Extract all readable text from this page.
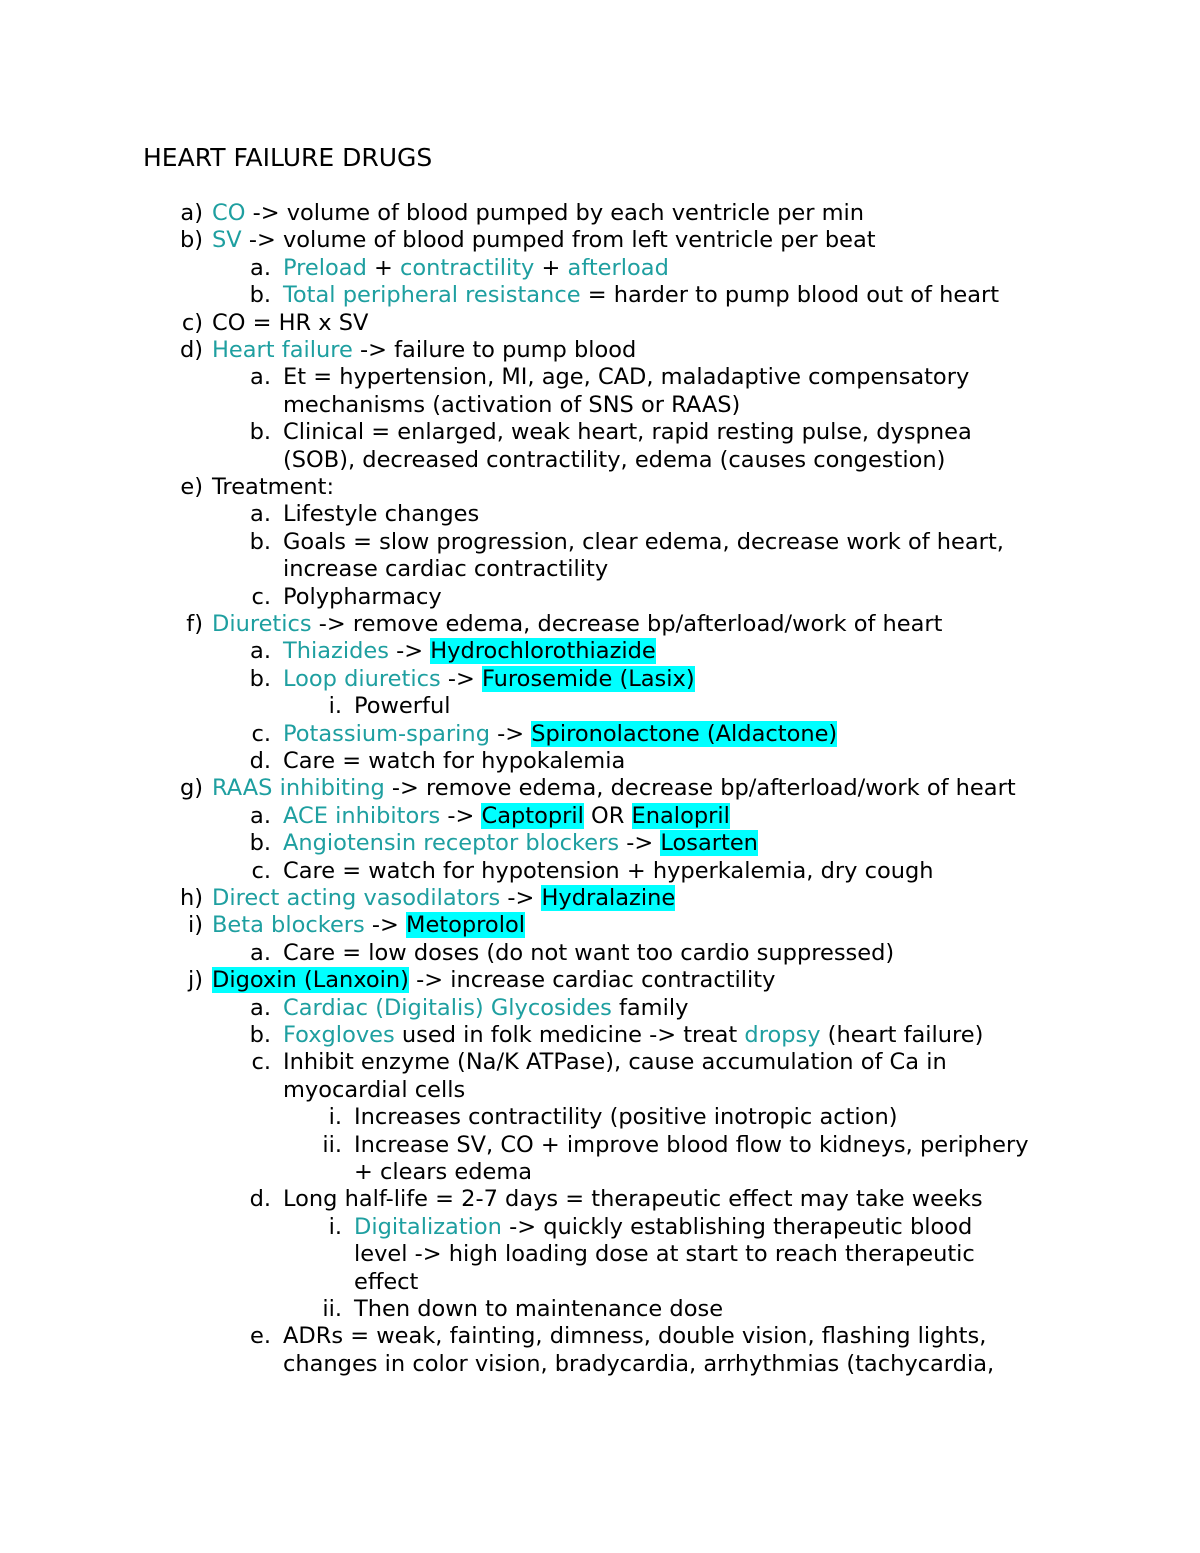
HEART FAILURE DRUGS
a) CO -> volume of blood pumped by each ventricle per min
b) SV -> volume of blood pumped from left ventricle per beat
a. Preload + contractility + afterload
b. Total peripheral resistance = harder to pump blood out of heart
c) CO = HR x SV
d) Heart failure -> failure to pump blood
a. Et = hypertension, MI, age, CAD, maladaptive compensatory
mechanisms (activation of SNS or RAAS)
b. Clinical = enlarged, weak heart, rapid resting pulse, dyspnea
(SOB), decreased contractility, edema (causes congestion)
e) Treatment:
a. Lifestyle changes
b. Goals = slow progression, clear edema, decrease work of heart,
increase cardiac contractility
c. Polypharmacy
f) Diuretics -> remove edema, decrease bp/afterload/work of heart
a. Thiazides -> Hydrochlorothiazide
b. Loop diuretics -> Furosemide (Lasix)
i. Powerful
c. Potassium-sparing -> Spironolactone (Aldactone)
d. Care = watch for hypokalemia
g) RAAS inhibiting -> remove edema, decrease bp/afterload/work of heart
a. ACE inhibitors -> Captopril OR Enalopril
b. Angiotensin receptor blockers -> Losarten
c. Care = watch for hypotension + hyperkalemia, dry cough
h) Direct acting vasodilators -> Hydralazine
i) Beta blockers -> Metoprolol
a. Care = low doses (do not want too cardio suppressed)
j) Digoxin (Lanxoin) -> increase cardiac contractility
a. Cardiac (Digitalis) Glycosides family
b. Foxgloves used in folk medicine -> treat dropsy (heart failure)
c. Inhibit enzyme (Na/K ATPase), cause accumulation of Ca in
myocardial cells
i. Increases contractility (positive inotropic action)
ii. Increase SV, CO + improve blood flow to kidneys, periphery
+ clears edema
d. Long half-life = 2-7 days = therapeutic effect may take weeks
i. Digitalization -> quickly establishing therapeutic blood
level -> high loading dose at start to reach therapeutic
effect
ii. Then down to maintenance dose
e. ADRs = weak, fainting, dimness, double vision, flashing lights,
changes in color vision, bradycardia, arrhythmias (tachycardia,
